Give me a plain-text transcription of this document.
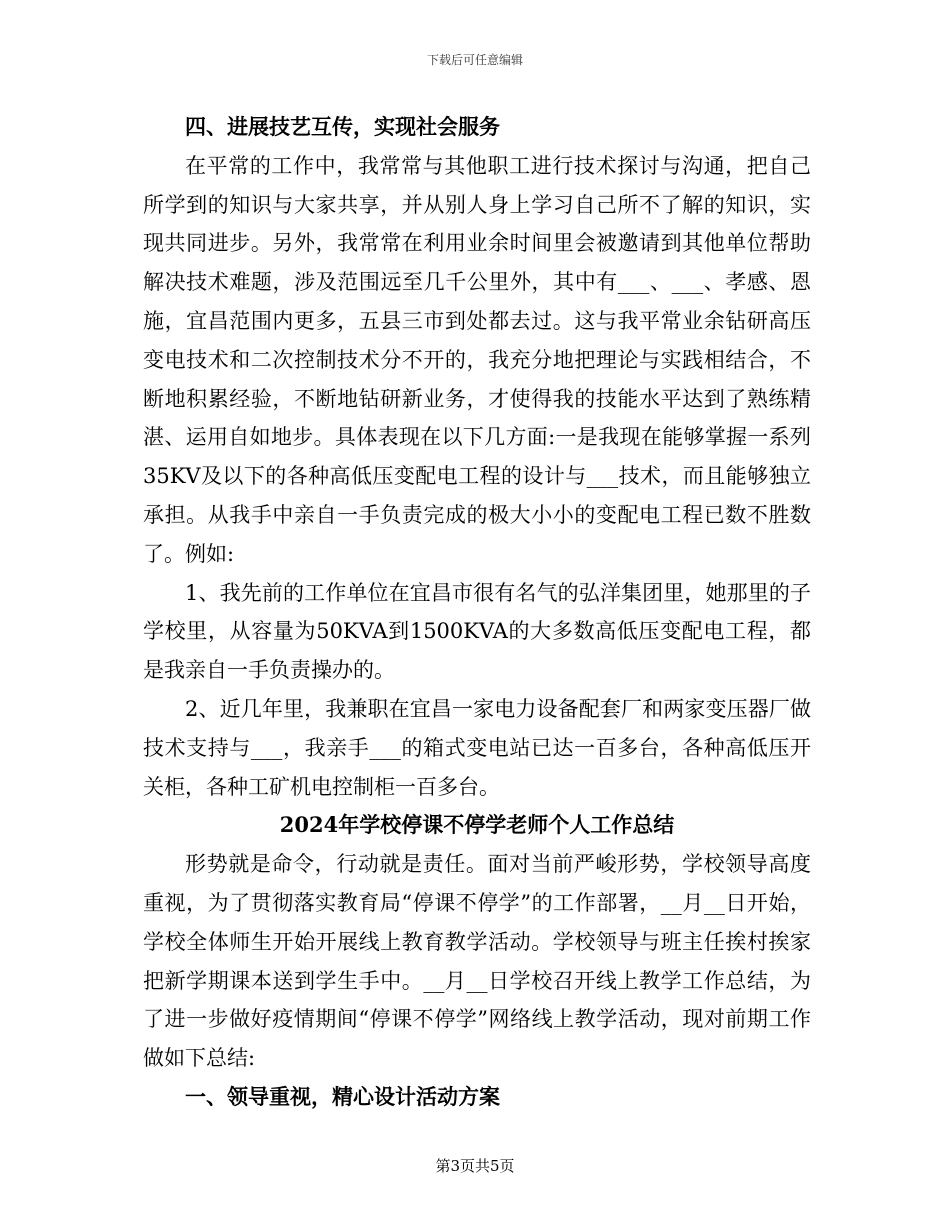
下载后可任意编辑

四、进展技艺互传，实现社会服务

在平常的工作中，我常常与其他职工进行技术探讨与沟通，把自己所学到的知识与大家共享，并从别人身上学习自己所不了解的知识，实现共同进步。另外，我常常在利用业余时间里会被邀请到其他单位帮助解决技术难题，涉及范围远至几千公里外，其中有___、___、孝感、恩施，宜昌范围内更多，五县三市到处都去过。这与我平常业余钻研高压变电技术和二次控制技术分不开的，我充分地把理论与实践相结合，不断地积累经验，不断地钻研新业务，才使得我的技能水平达到了熟练精湛、运用自如地步。具体表现在以下几方面:一是我现在能够掌握一系列35KV及以下的各种高低压变配电工程的设计与___技术，而且能够独立承担。从我手中亲自一手负责完成的极大小小的变配电工程已数不胜数了。例如:

1、我先前的工作单位在宜昌市很有名气的弘洋集团里，她那里的子学校里，从容量为50KVA到1500KVA的大多数高低压变配电工程，都是我亲自一手负责操办的。

2、近几年里，我兼职在宜昌一家电力设备配套厂和两家变压器厂做技术支持与___，我亲手___的箱式变电站已达一百多台，各种高低压开关柜，各种工矿机电控制柜一百多台。

2024年学校停课不停学老师个人工作总结

形势就是命令，行动就是责任。面对当前严峻形势，学校领导高度重视，为了贯彻落实教育局“停课不停学”的工作部署，__月__日开始，学校全体师生开始开展线上教育教学活动。学校领导与班主任挨村挨家把新学期课本送到学生手中。__月__日学校召开线上教学工作总结，为了进一步做好疫情期间“停课不停学”网络线上教学活动，现对前期工作做如下总结:

一、领导重视，精心设计活动方案

第3页共5页
